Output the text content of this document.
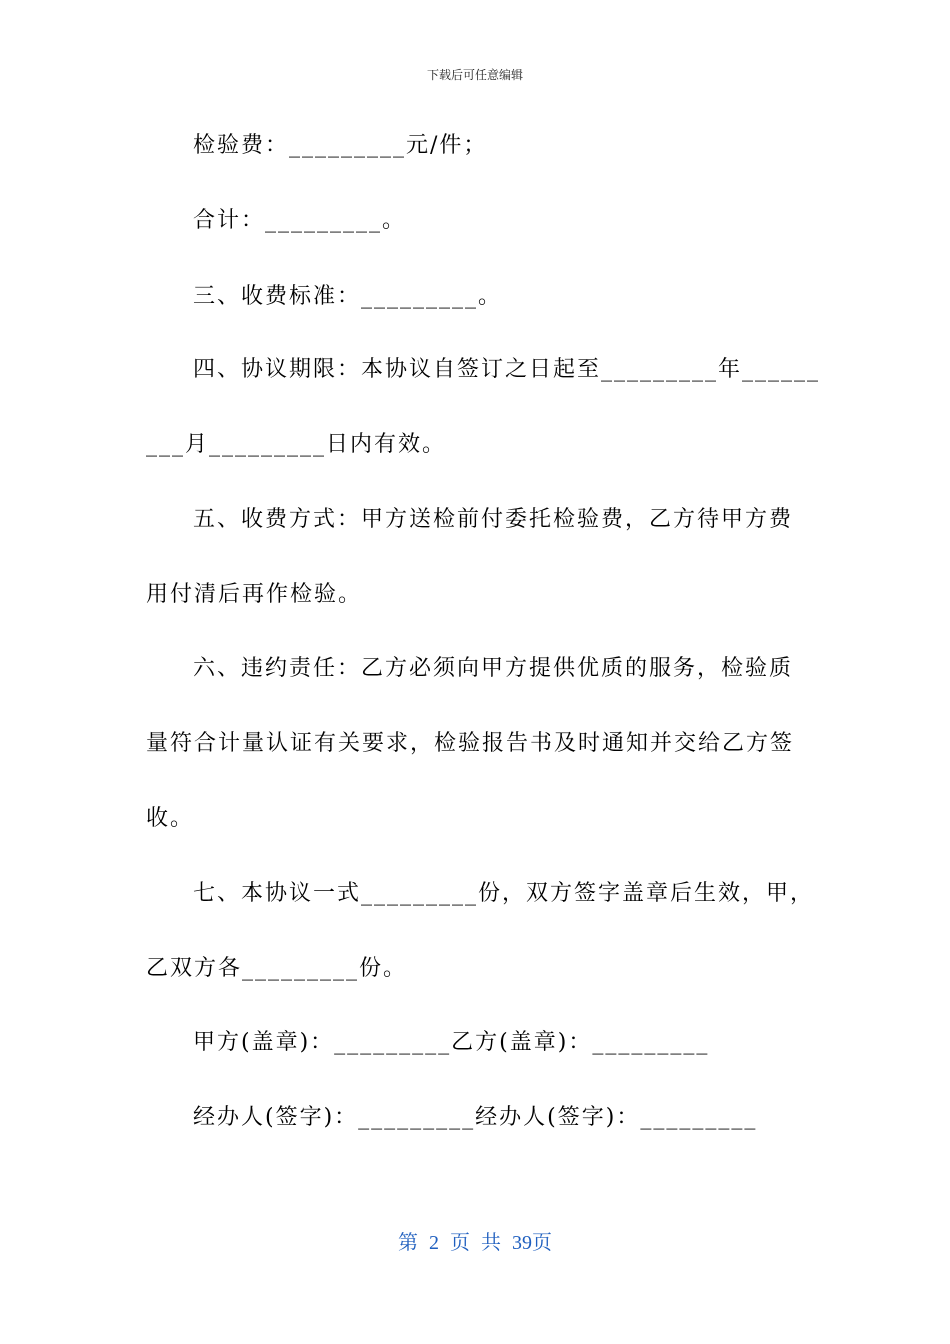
下载后可任意编辑
检验费：_________元/件；
合计：_________。
三、收费标准：_________。
四、协议期限：本协议自签订之日起至_________年______
___月_________日内有效。
五、收费方式：甲方送检前付委托检验费，乙方待甲方费
用付清后再作检验。
六、违约责任：乙方必须向甲方提供优质的服务，检验质
量符合计量认证有关要求，检验报告书及时通知并交给乙方签
收。
七、本协议一式_________份，双方签字盖章后生效，甲，
乙双方各_________份。
甲方(盖章)：_________乙方(盖章)：_________
经办人(签字)：_________经办人(签字)：_________
第 2 页 共 39页
